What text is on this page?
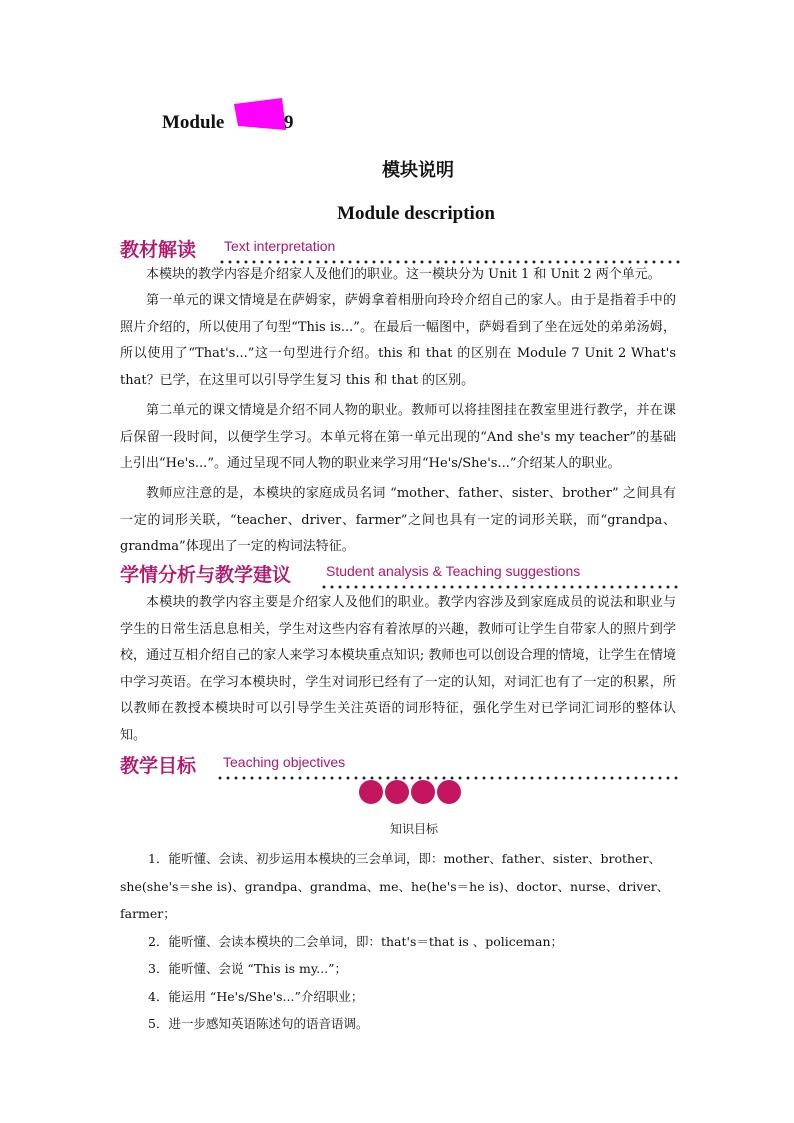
Module	9
模块说明
Module description
教材解读 Text interpretation

本模块的教学内容是介绍家人及他们的职业。这一模块分为 Unit 1 和 Unit 2 两个单元。

第一单元的课文情境是在萨姆家，萨姆拿着相册向玲玲介绍自己的家人。由于是指着手中的照片介绍的，所以使用了句型“This is...”。在最后一幅图中，萨姆看到了坐在远处的弟弟汤姆，所以使用了“That's...”这一句型进行介绍。this 和 that 的区别在 Module 7 Unit 2 What's that？已学，在这里可以引导学生复习 this 和 that 的区别。

第二单元的课文情境是介绍不同人物的职业。教师可以将挂图挂在教室里进行教学，并在课后保留一段时间，以便学生学习。本单元将在第一单元出现的“And she's my teacher”的基础上引出“He's...”。通过呈现不同人物的职业来学习用“He's/She's...”介绍某人的职业。

教师应注意的是，本模块的家庭成员名词 “mother、father、sister、brother” 之间具有一定的词形关联，“teacher、driver、farmer”之间也具有一定的词形关联，而“grandpa、grandma”体现出了一定的构词法特征。

学情分析与教学建议 Student analysis & Teaching suggestions

本模块的教学内容主要是介绍家人及他们的职业。教学内容涉及到家庭成员的说法和职业与学生的日常生活息息相关，学生对这些内容有着浓厚的兴趣，教师可让学生自带家人的照片到学校，通过互相介绍自己的家人来学习本模块重点知识; 教师也可以创设合理的情境，让学生在情境中学习英语。在学习本模块时，学生对词形已经有了一定的认知，对词汇也有了一定的积累，所以教师在教授本模块时可以引导学生关注英语的词形特征，强化学生对已学词汇词形的整体认知。

教学目标 Teaching objectives
知识目标
1．能听懂、会读、初步运用本模块的三会单词，即：mother、father、sister、brother、
she(she's＝she is)、grandpa、grandma、me、he(he's＝he is)、doctor、nurse、driver、farmer；
2．能听懂、会读本模块的二会单词，即：that's＝that is 、policeman；
3．能听懂、会说 “This is my...”；
4．能运用 “He's/She's...”介绍职业；
5．进一步感知英语陈述句的语音语调。
